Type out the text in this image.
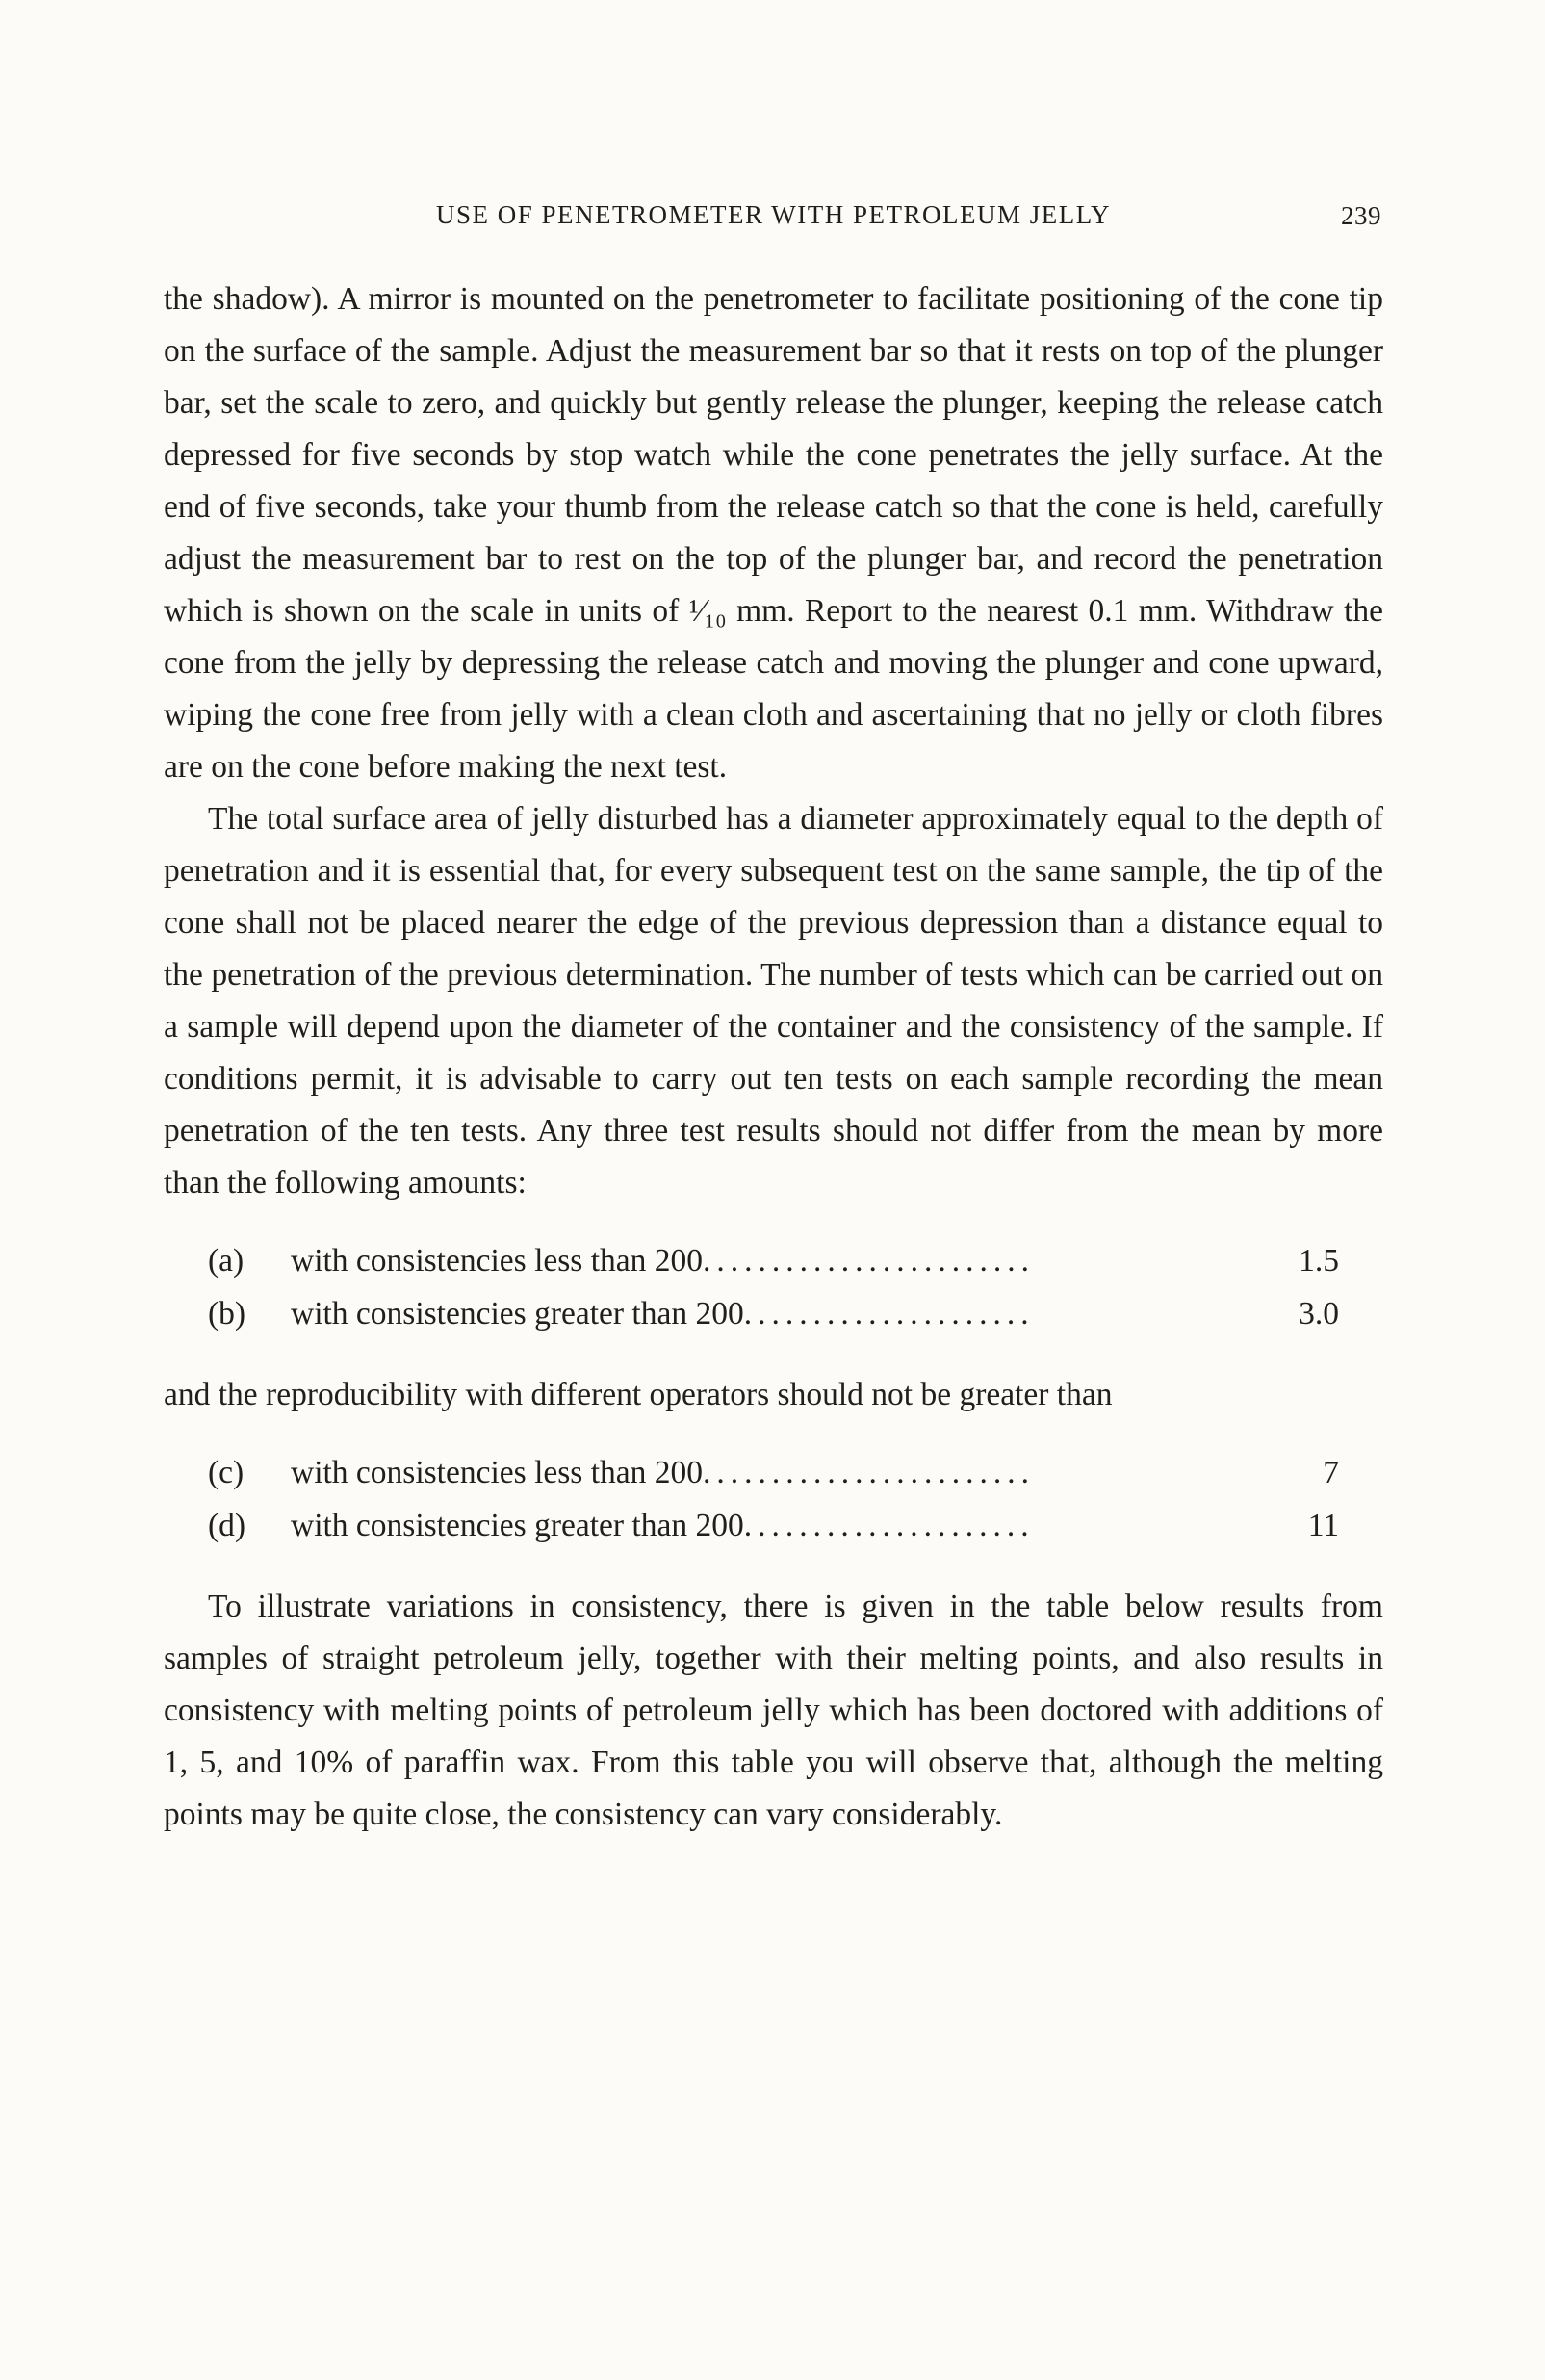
USE OF PENETROMETER WITH PETROLEUM JELLY	239

the shadow). A mirror is mounted on the penetrometer to facilitate positioning of the cone tip on the surface of the sample. Adjust the measurement bar so that it rests on top of the plunger bar, set the scale to zero, and quickly but gently release the plunger, keeping the release catch depressed for five seconds by stop watch while the cone penetrates the jelly surface. At the end of five seconds, take your thumb from the release catch so that the cone is held, carefully adjust the measurement bar to rest on the top of the plunger bar, and record the penetration which is shown on the scale in units of ¹⁄₁₀ mm. Report to the nearest 0.1 mm. Withdraw the cone from the jelly by depressing the release catch and moving the plunger and cone upward, wiping the cone free from jelly with a clean cloth and ascertaining that no jelly or cloth fibres are on the cone before making the next test.

The total surface area of jelly disturbed has a diameter approximately equal to the depth of penetration and it is essential that, for every subsequent test on the same sample, the tip of the cone shall not be placed nearer the edge of the previous depression than a distance equal to the penetration of the previous determination. The number of tests which can be carried out on a sample will depend upon the diameter of the container and the consistency of the sample. If conditions permit, it is advisable to carry out ten tests on each sample recording the mean penetration of the ten tests. Any three test results should not differ from the mean by more than the following amounts:

(a)	with consistencies less than 200........................	1.5
(b)	with consistencies greater than 200.....................	3.0

and the reproducibility with different operators should not be greater than

(c)	with consistencies less than 200........................	7
(d)	with consistencies greater than 200.....................	11

To illustrate variations in consistency, there is given in the table below results from samples of straight petroleum jelly, together with their melting points, and also results in consistency with melting points of petroleum jelly which has been doctored with additions of 1, 5, and 10% of paraffin wax. From this table you will observe that, although the melting points may be quite close, the consistency can vary considerably.
